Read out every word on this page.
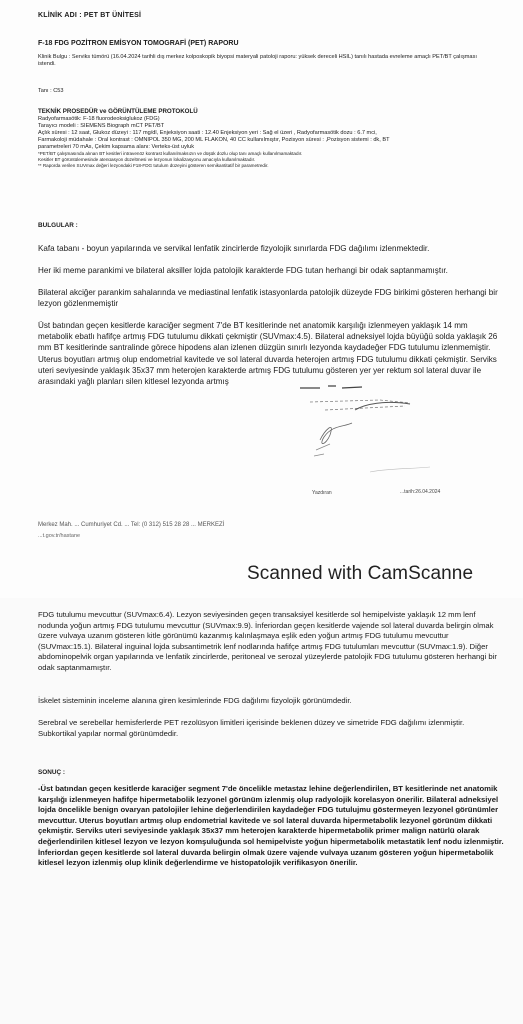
KLİNİK ADI : PET BT ÜNİTESİ
F-18 FDG POZİTRON EMİSYON TOMOGRAFİ (PET) RAPORU
Klinik Bulgu : Serviks tümörü (16.04.2024 tarihli dış merkez kolposkopik biyopsi materyali patoloji raporu: yüksek dereceli HSIL) tanılı hastada evreleme amaçlı PET/BT çalışması istendi.
Tanı : C53
TEKNİK PROSEDÜR ve GÖRÜNTÜLEME PROTOKOLÜ
Radyofarmasötik: F-18 fluorodeoksiglukoz (FDG)
Tarayıcı modeli : SIEMENS Biograph mCT PET/BT
Açlık süresi : 12 saat, Glukoz düzeyi : 117 mg/dl, Enjeksiyon saati : 12.40 Enjeksiyon yeri : Sağ el üzeri , Radyofarmasötik dozu : 6.7 mci,
Farmakoloji müdahale : Oral kontrast : OMNIPOL 350 MG, 200 ML FLAKON, 40 CC kullanılmıştır, Pozisyon süresi : ,Pozisyon sistemi : dk, BT
parametreleri 70 mAs, Çekim kapsama alanı: Verteks-üst uyluk
*PET/BT çalışmasında alınan BT kesitleri intravenöz kontrast kullanılmaksızın ve düşük dozlu olup tanı amaçlı kullanılmamaktadır.
Kesitler BT görüntülemesinde atenüasyon düzeltmesi ve lezyonun lokalizasyonu amacıyla kullanılmaktadır.
** Raporda verilen SUVmax değeri lezyondaki F18-FDG tutulum düzeyini gösteren semikantitatif bir parametredir.
BULGULAR :
Kafa tabanı - boyun yapılarında ve servikal lenfatik zincirlerde fizyolojik sınırlarda FDG dağılımı izlenmektedir.
Her iki meme parankimi ve bilateral aksiller lojda patolojik karakterde FDG tutan herhangi bir odak saptanmamıştır.
Bilateral akciğer parankim sahalarında ve mediastinal lenfatik istasyonlarda patolojik düzeyde FDG birikimi gösteren herhangi bir lezyon gözlenmemiştir
Üst batından geçen kesitlerde karaciğer segment 7'de BT kesitlerinde net anatomik karşılığı izlenmeyen yaklaşık 14 mm metabolik ebatlı hafifçe artmış FDG tutulumu dikkati çekmiştir (SUVmax:4.5). Bilateral adneksiyel lojda büyüğü solda yaklaşık 26 mm BT kesitlerinde santralinde görece hipodens alan izlenen düzgün sınırlı lezyonda kaydadeğer FDG tutulumu izlenmemiştir. Uterus boyutları artmış olup endometrial kavitede ve sol lateral duvarda heterojen artmış FDG tutulumu dikkati çekmiştir. Serviks uteri seviyesinde yaklaşık 35x37 mm heterojen karakterde artmış FDG tutulumu gösteren yer yer rektum sol lateral duvar ile arasındaki yağlı planları silen kitlesel lezyonda artmış
Yazdıran	...tarih:26.04.2024
Merkez Mah. ... Cumhuriyet Cd. ... Tel: (0 312) 515 28 28 ... MERKEZİ
...t.gov.tr/hastane
Scanned with CamScanne
FDG tutulumu mevcuttur (SUVmax:6.4). Lezyon seviyesinden geçen transaksiyel kesitlerde sol hemipelviste yaklaşık 12 mm lenf nodunda yoğun artmış FDG tutulumu mevcuttur (SUVmax:9.9). İnferiordan geçen kesitlerde vajende sol lateral duvarda belirgin olmak üzere vulvaya uzanım gösteren kitle görünümü kazanmış kalınlaşmaya eşlik eden yoğun artmış FDG tutulumu mevcuttur (SUVmax:15.1). Bilateral inguinal lojda subsantimetrik lenf nodlarında hafifçe artmış FDG tutulumları mevcuttur (SUVmax:1.9). Diğer abdominopelvik organ yapılarında ve lenfatik zincirlerde, peritoneal ve serozal yüzeylerde patolojik FDG tutulumu gösteren herhangi bir odak saptanmamıştır.
İskelet sisteminin inceleme alanına giren kesimlerinde FDG dağılımı fizyolojik görünümdedir.
Serebral ve serebellar hemisferlerde PET rezolüsyon limitleri içerisinde beklenen düzey ve simetride FDG dağılımı izlenmiştir. Subkortikal yapılar normal görünümdedir.
SONUÇ :
-Üst batından geçen kesitlerde karaciğer segment 7'de öncelikle metastaz lehine değerlendirilen, BT kesitlerinde net anatomik karşılığı izlenmeyen hafifçe hipermetabolik lezyonel görünüm izlenmiş olup radyolojik korelasyon önerilir. Bilateral adneksiyel lojda öncelikle benign ovaryan patolojiler lehine değerlendirilen kaydadeğer FDG tutulujmu göstermeyen lezyonel görünümler mevcuttur. Uterus boyutları artmış olup endometrial kavitede ve sol lateral duvarda hipermetabolik lezyonel görünüm dikkati çekmiştir. Serviks uteri seviyesinde yaklaşık 35x37 mm heterojen karakterde hipermetabolik primer malign natürlü olarak değerlendirilen kitlesel lezyon ve lezyon komşuluğunda sol hemipelviste yoğun hipermetabolik metastatik lenf nodu izlenmiştir. İnferiordan geçen kesitlerde sol lateral duvarda belirgin olmak üzere vajende vulvaya uzanım gösteren yoğun hipermetabolik kitlesel lezyon izlenmiş olup klinik değerlendirme ve histopatolojik verifikasyon önerilir.
